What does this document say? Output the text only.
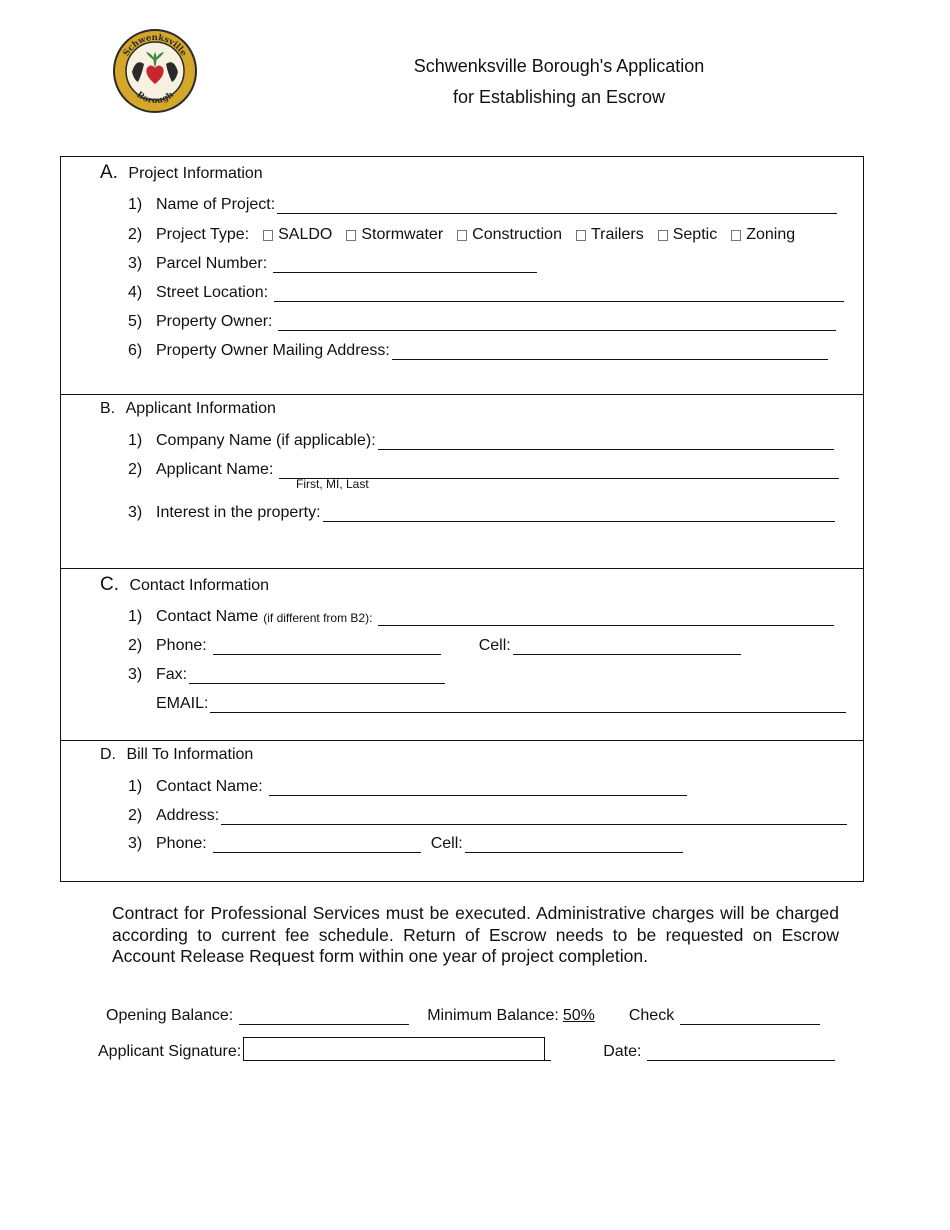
Schwenksville
Borough
Schwenksville Borough's Application
for Establishing an Escrow
A. Project Information
1) Name of Project:
2) Project Type: SALDO Stormwater Construction Trailers Septic Zoning
3) Parcel Number:
4) Street Location:
5) Property Owner:
6) Property Owner Mailing Address:
B. Applicant Information
1) Company Name (if applicable):
2) Applicant Name:
First, MI, Last
3) Interest in the property:
C. Contact Information
1) Contact Name (if different from B2):
2) Phone:	Cell:
3) Fax:
EMAIL:
D. Bill To Information
1) Contact Name:
2) Address:
3) Phone:	Cell:
Contract for Professional Services must be executed. Administrative charges will be charged according to current fee schedule. Return of Escrow needs to be requested on Escrow Account Release Request form within one year of project completion.
Opening Balance:	Minimum Balance: 50% Check
Applicant Signature:	Date:
